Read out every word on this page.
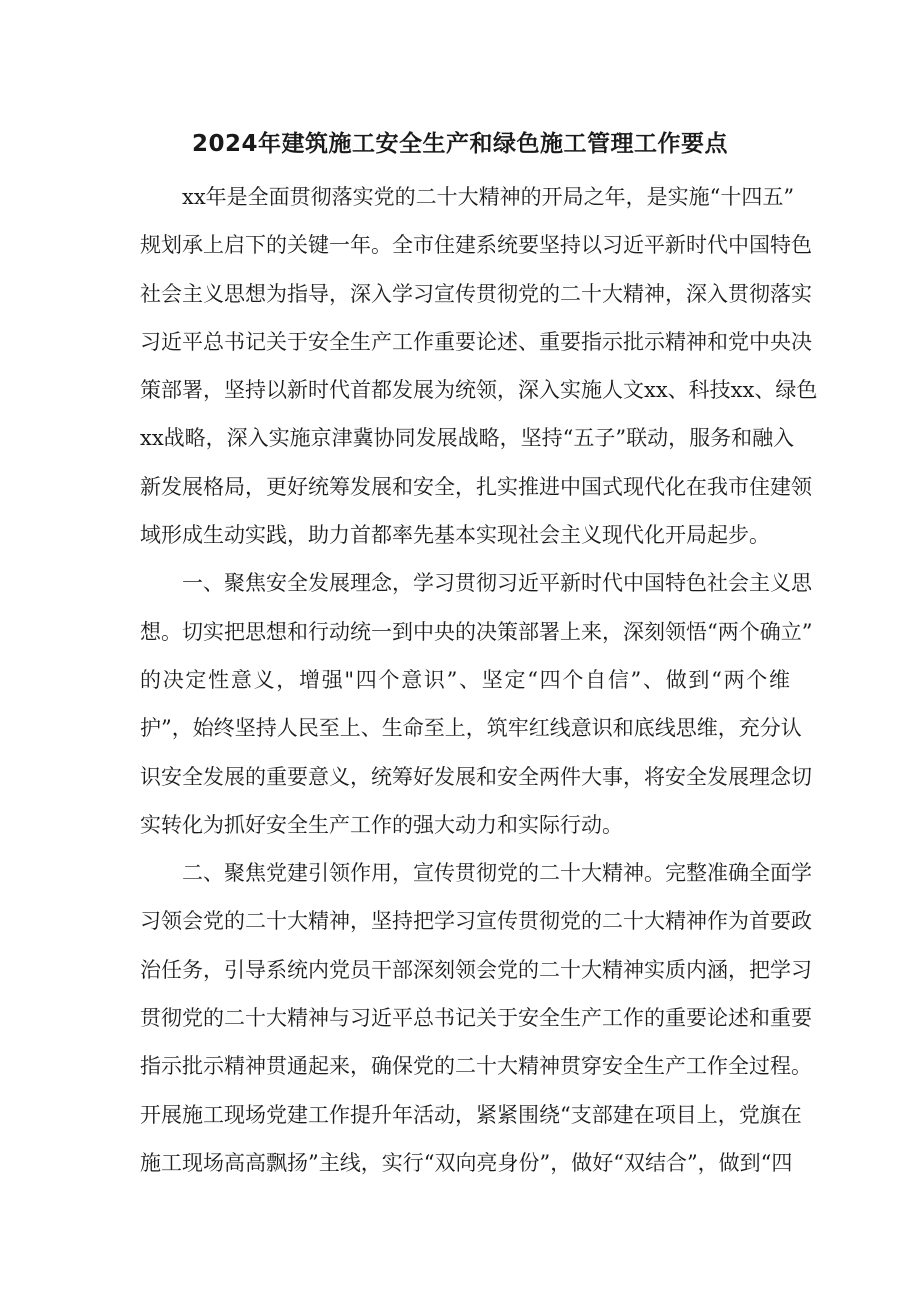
2024年建筑施工安全生产和绿色施工管理工作要点
xx年是全面贯彻落实党的二十大精神的开局之年，是实施“十四五”
规划承上启下的关键一年。全市住建系统要坚持以习近平新时代中国特色
社会主义思想为指导，深入学习宣传贯彻党的二十大精神，深入贯彻落实
习近平总书记关于安全生产工作重要论述、重要指示批示精神和党中央决
策部署，坚持以新时代首都发展为统领，深入实施人文xx、科技xx、绿色
xx战略，深入实施京津冀协同发展战略，坚持“五子”联动，服务和融入
新发展格局，更好统筹发展和安全，扎实推进中国式现代化在我市住建领
域形成生动实践，助力首都率先基本实现社会主义现代化开局起步。
一、聚焦安全发展理念，学习贯彻习近平新时代中国特色社会主义思
想。切实把思想和行动统一到中央的决策部署上来，深刻领悟“两个确立”
的决定性意义，增强"四个意识”、坚定“四个自信”、做到“两个维
护”，始终坚持人民至上、生命至上，筑牢红线意识和底线思维，充分认
识安全发展的重要意义，统筹好发展和安全两件大事，将安全发展理念切
实转化为抓好安全生产工作的强大动力和实际行动。
二、聚焦党建引领作用，宣传贯彻党的二十大精神。完整准确全面学
习领会党的二十大精神，坚持把学习宣传贯彻党的二十大精神作为首要政
治任务，引导系统内党员干部深刻领会党的二十大精神实质内涵，把学习
贯彻党的二十大精神与习近平总书记关于安全生产工作的重要论述和重要
指示批示精神贯通起来，确保党的二十大精神贯穿安全生产工作全过程。
开展施工现场党建工作提升年活动，紧紧围绕“支部建在项目上，党旗在
施工现场高高飘扬”主线，实行“双向亮身份”，做好“双结合”，做到“四
